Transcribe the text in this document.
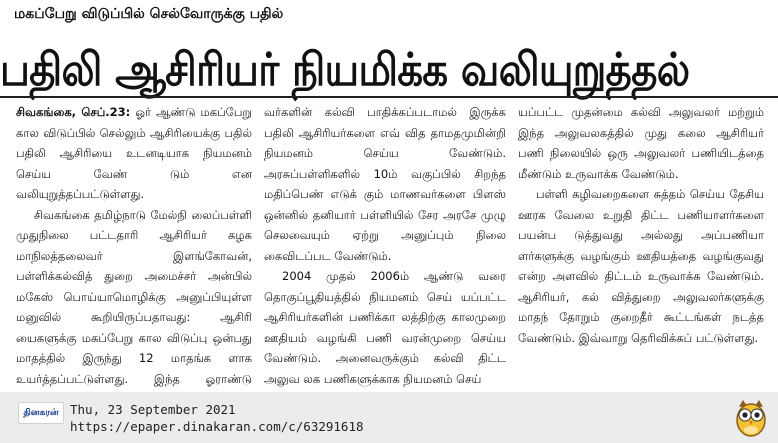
மகப்பேறு விடுப்பில் செல்வோருக்கு பதில்
பதிலி ஆசிரியர் நியமிக்க வலியுறுத்தல்

சிவகங்கை, செப்.23: ஓர் ஆண்டு மகப்பேறு கால விடுப்பில் செல்லும் ஆசிரியைக்கு பதில் பதிலி ஆசிரியை உடனடியாக நியமனம் செய்ய வேண் டும் என வலியுறுத்தப்பட்டுள்ளது.

சிவகங்கை தமிழ்நாடு மேல்நி லைப்பள்ளி முதுநிலை பட்டதாரி ஆசிரியர் கழக மாநிலத்தலைவர் இளங்கோவன், பள்ளிக்கல்வித் துறை அமைச்சர் அன்பில் மகேஸ் பொய்யாமொழிக்கு அனுப்பியுள்ள மனுவில் கூறியிருப்பதாவது: ஆசிரி யைகளுக்கு மகப்பேறு கால விடுப்பு ஒன்பது மாதத்தில் இருந்து 12 மாதங்க ளாக உயர்த்தப்பட்டுள்ளது. இந்த ஓராண்டு

வர்களின் கல்வி பாதிக்கப்படாமல் இருக்க பதிலி ஆசிரியர்களை எவ் வித தாமதமுமின்றி நியமனம் செய்ய வேண்டும். அரசுப்பள்ளிகளில் 10ம் வகுப்பில் சிறந்த மதிப்பெண் எடுக் கும் மாணவர்களை பிளஸ் ஒன்னில் தனியார் பள்ளியில் சேர அரசே முழு செலவையும் ஏற்று அனுப்பும் நிலை கைவிடப்பட வேண்டும்.

2004 முதல் 2006ம் ஆண்டு வரை தொகுப்பூதியத்தில் நியமனம் செய் யப்பட்ட ஆசிரியர்களின் பணிக்கா லத்திற்கு காலமுறை ஊதியம் வழங்கி பணி வரன்முறை செய்ய வேண்டும். அனைவருக்கும் கல்வி திட்ட அலுவ லக பணிகளுக்காக நியமனம் செய்

யப்பட்ட முதன்மை கல்வி அலுவலர் மற்றும் இந்த அலுவலகத்தில் முது கலை ஆசிரியர் பணி நிலையில் ஒரு அலுவலர் பணியிடத்தை மீண்டும் உருவாக்க வேண்டும்.

பள்ளி கழிவறைகளை சுத்தம் செய்ய தேசிய ஊரக வேலை உறுதி திட்ட பணியாளர்களை பயன்ப டுத்துவது அல்லது அப்பணியா ளர்களுக்கு வழங்கும் ஊதியத்தை வழங்குவது என்ற அளவில் திட்டம் உருவாக்க வேண்டும். ஆசிரியர், கல் வித்துறை அலுவலர்களுக்கு மாதந் தோறும் குறைதீர் கூட்டங்கள் நடத்த வேண்டும். இவ்வாறு தெரிவிக்கப் பட்டுள்ளது.

தினகரன் Thu, 23 September 2021
https://epaper.dinakaran.com/c/63291618
